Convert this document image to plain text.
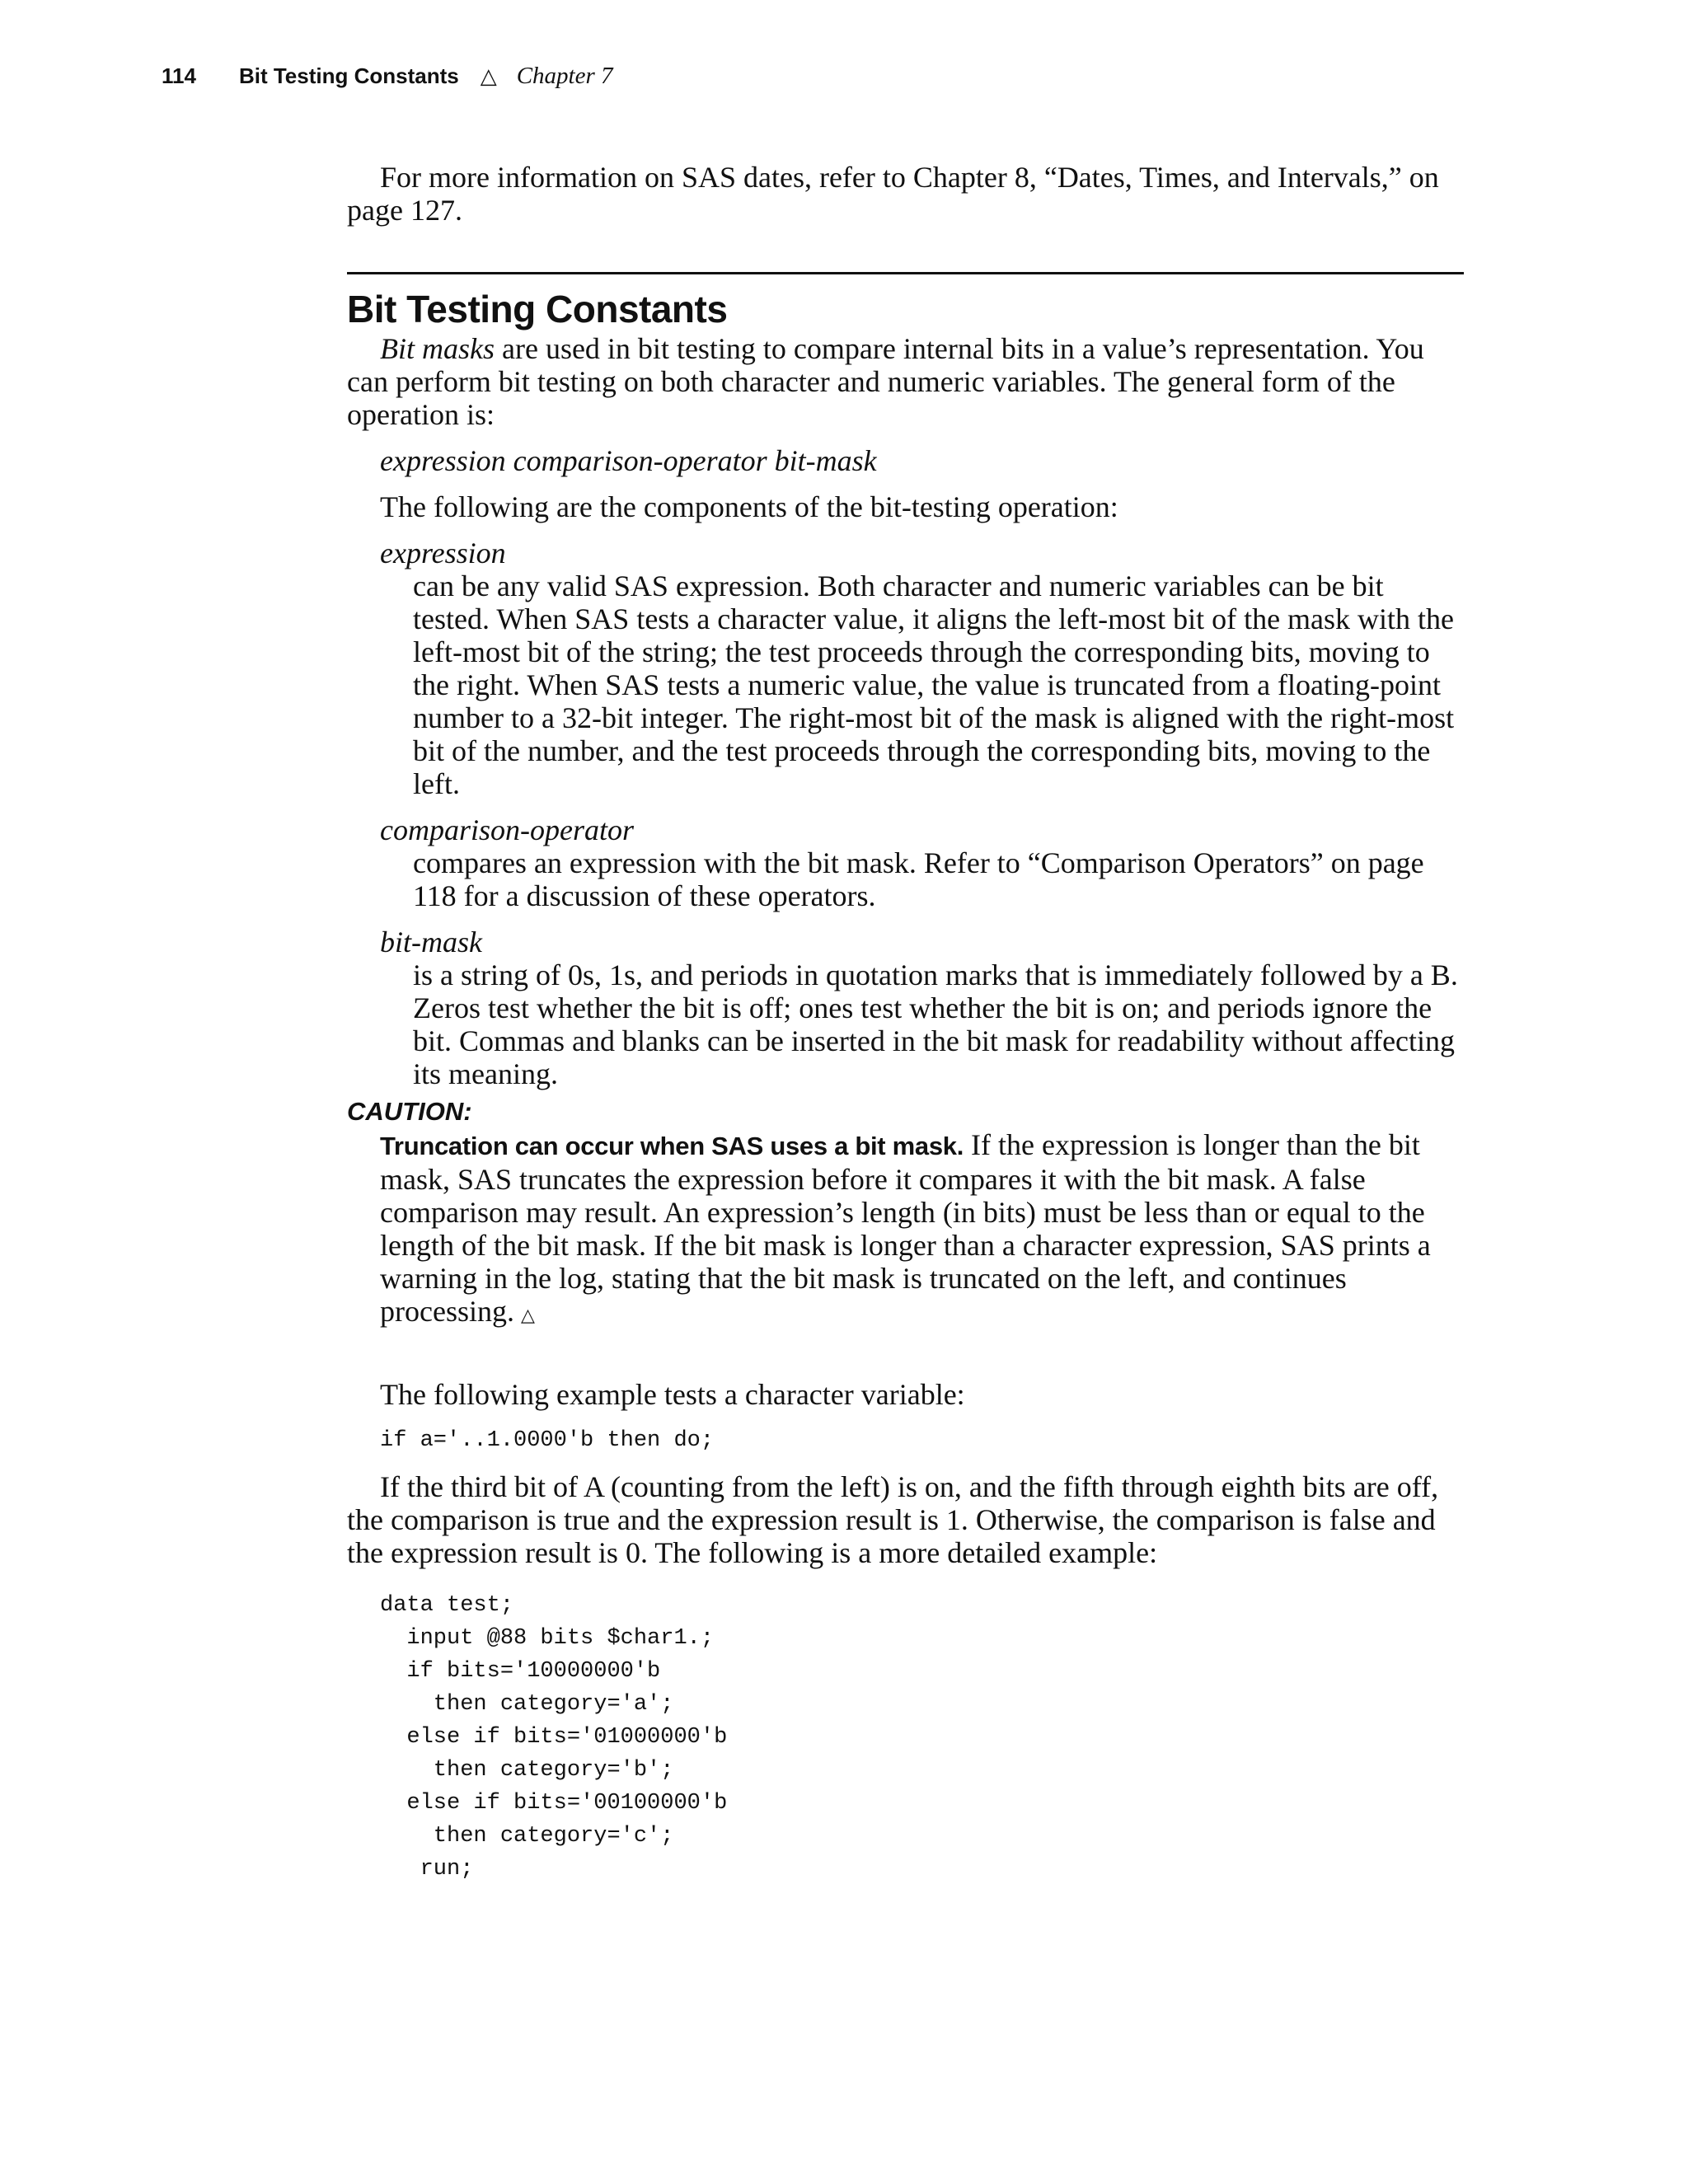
114 Bit Testing Constants △ Chapter 7

For more information on SAS dates, refer to Chapter 8, “Dates, Times, and Intervals,” on page 127.

Bit Testing Constants

Bit masks are used in bit testing to compare internal bits in a value’s representation. You can perform bit testing on both character and numeric variables. The general form of the operation is:

expression comparison-operator bit-mask

The following are the components of the bit-testing operation:

expression
can be any valid SAS expression. Both character and numeric variables can be bit tested. When SAS tests a character value, it aligns the left-most bit of the mask with the left-most bit of the string; the test proceeds through the corresponding bits, moving to the right. When SAS tests a numeric value, the value is truncated from a floating-point number to a 32-bit integer. The right-most bit of the mask is aligned with the right-most bit of the number, and the test proceeds through the corresponding bits, moving to the left.
comparison-operator
compares an expression with the bit mask. Refer to “Comparison Operators” on page 118 for a discussion of these operators.
bit-mask
is a string of 0s, 1s, and periods in quotation marks that is immediately followed by a B. Zeros test whether the bit is off; ones test whether the bit is on; and periods ignore the bit. Commas and blanks can be inserted in the bit mask for readability without affecting its meaning.
CAUTION:

Truncation can occur when SAS uses a bit mask. If the expression is longer than the bit mask, SAS truncates the expression before it compares it with the bit mask. A false comparison may result. An expression’s length (in bits) must be less than or equal to the length of the bit mask. If the bit mask is longer than a character expression, SAS prints a warning in the log, stating that the bit mask is truncated on the left, and continues processing. △

The following example tests a character variable:

if a='..1.0000'b then do;

If the third bit of A (counting from the left) is on, and the fifth through eighth bits are off, the comparison is true and the expression result is 1. Otherwise, the comparison is false and the expression result is 0. The following is a more detailed example:

data test;
input @88 bits $char1.;
if bits='10000000'b
then category='a';
else if bits='01000000'b
then category='b';
else if bits='00100000'b
then category='c';
run;
